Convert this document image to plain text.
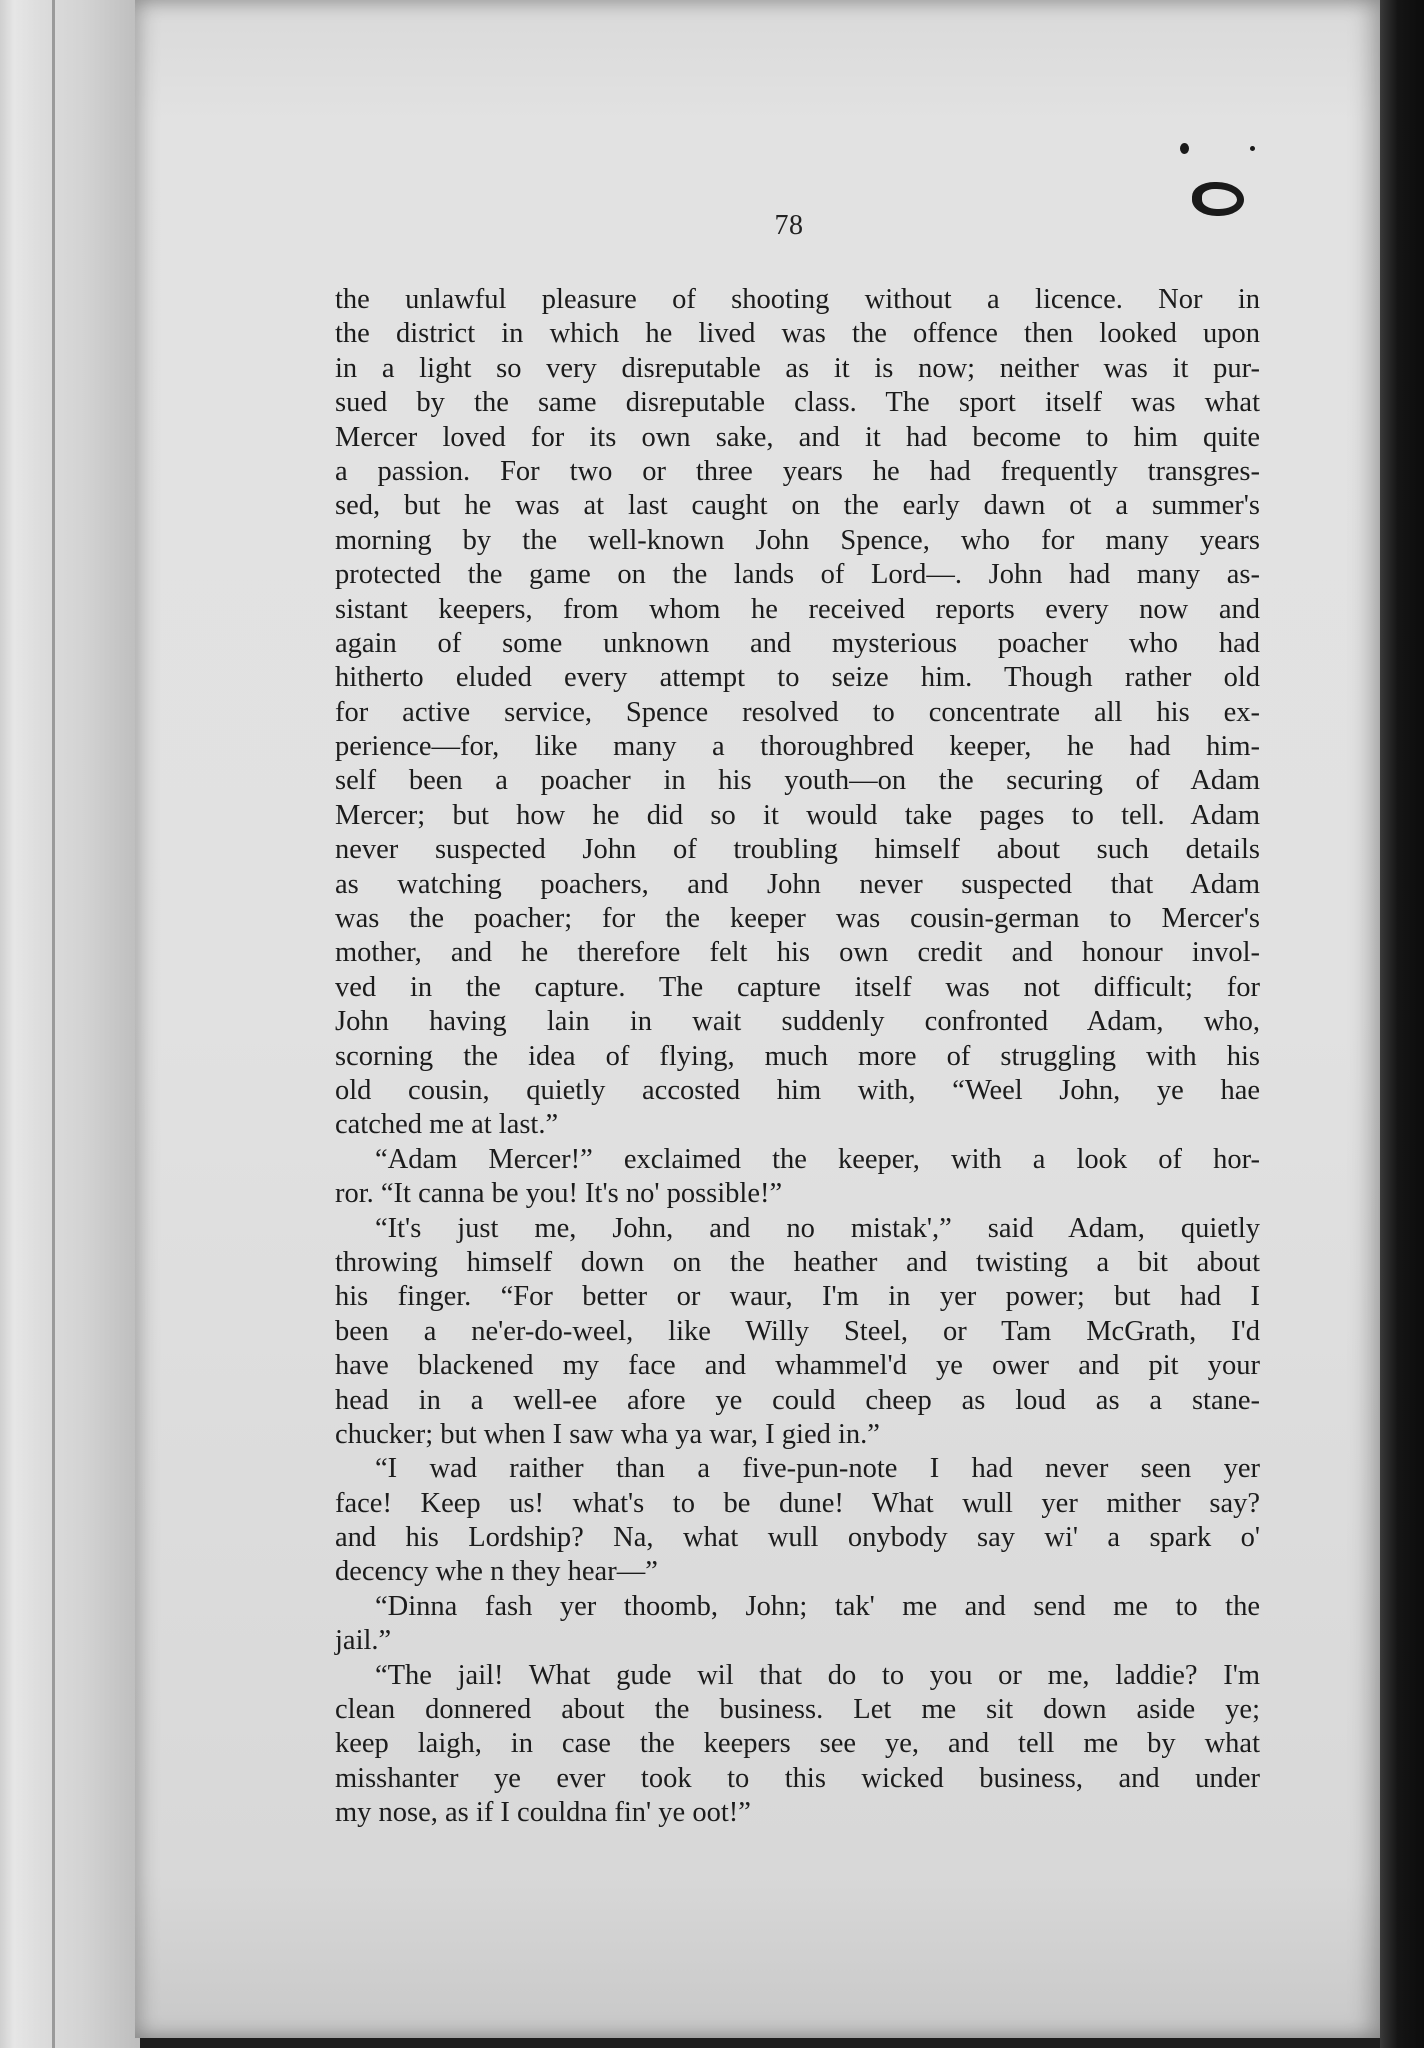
78
the unlawful pleasure of shooting without a licence. Nor in
the district in which he lived was the offence then looked upon
in a light so very disreputable as it is now; neither was it pur-
sued by the same disreputable class. The sport itself was what
Mercer loved for its own sake, and it had become to him quite
a passion. For two or three years he had frequently transgres-
sed, but he was at last caught on the early dawn ot a summer's
morning by the well-known John Spence, who for many years
protected the game on the lands of Lord—. John had many as-
sistant keepers, from whom he received reports every now and
again of some unknown and mysterious poacher who had
hitherto eluded every attempt to seize him. Though rather old
for active service, Spence resolved to concentrate all his ex-
perience—for, like many a thoroughbred keeper, he had him-
self been a poacher in his youth—on the securing of Adam
Mercer; but how he did so it would take pages to tell. Adam
never suspected John of troubling himself about such details
as watching poachers, and John never suspected that Adam
was the poacher; for the keeper was cousin-german to Mercer's
mother, and he therefore felt his own credit and honour invol-
ved in the capture. The capture itself was not difficult; for
John having lain in wait suddenly confronted Adam, who,
scorning the idea of flying, much more of struggling with his
old cousin, quietly accosted him with, “Weel John, ye hae
catched me at last.”
“Adam Mercer!” exclaimed the keeper, with a look of hor-
ror. “It canna be you! It's no' possible!”
“It's just me, John, and no mistak',” said Adam, quietly
throwing himself down on the heather and twisting a bit about
his finger. “For better or waur, I'm in yer power; but had I
been a ne'er-do-weel, like Willy Steel, or Tam McGrath, I'd
have blackened my face and whammel'd ye ower and pit your
head in a well-ee afore ye could cheep as loud as a stane-
chucker; but when I saw wha ya war, I gied in.”
“I wad raither than a five-pun-note I had never seen yer
face! Keep us! what's to be dune! What wull yer mither say?
and his Lordship? Na, what wull onybody say wi' a spark o'
decency whe n they hear—”
“Dinna fash yer thoomb, John; tak' me and send me to the
jail.”
“The jail! What gude wil that do to you or me, laddie? I'm
clean donnered about the business. Let me sit down aside ye;
keep laigh, in case the keepers see ye, and tell me by what
misshanter ye ever took to this wicked business, and under
my nose, as if I couldna fin' ye oot!”
